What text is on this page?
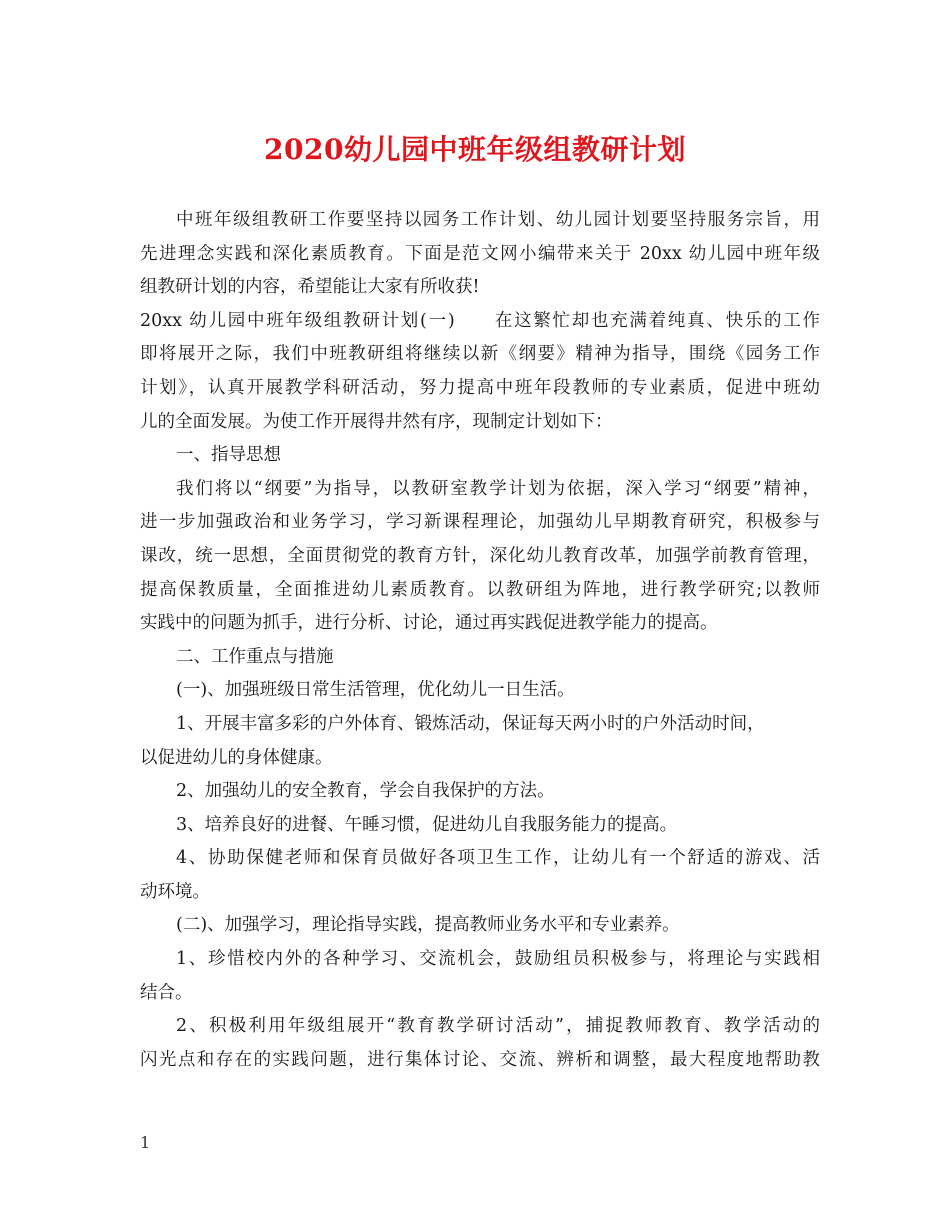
2020幼儿园中班年级组教研计划
中班年级组教研工作要坚持以园务工作计划、幼儿园计划要坚持服务宗旨，用
先进理念实践和深化素质教育。下面是范文网小编带来关于 20xx 幼儿园中班年级
组教研计划的内容，希望能让大家有所收获!
20xx 幼儿园中班年级组教研计划(一)　　在这繁忙却也充满着纯真、快乐的工作
即将展开之际，我们中班教研组将继续以新《纲要》精神为指导，围绕《园务工作
计划》，认真开展教学科研活动，努力提高中班年段教师的专业素质，促进中班幼
儿的全面发展。为使工作开展得井然有序，现制定计划如下：
一、指导思想
我们将以“纲要”为指导，以教研室教学计划为依据，深入学习“纲要”精神，
进一步加强政治和业务学习，学习新课程理论，加强幼儿早期教育研究，积极参与
课改，统一思想，全面贯彻党的教育方针，深化幼儿教育改革，加强学前教育管理，
提高保教质量，全面推进幼儿素质教育。以教研组为阵地，进行教学研究;以教师
实践中的问题为抓手，进行分析、讨论，通过再实践促进教学能力的提高。
二、工作重点与措施
(一)、加强班级日常生活管理，优化幼儿一日生活。
1、开展丰富多彩的户外体育、锻炼活动，保证每天两小时的户外活动时间，
以促进幼儿的身体健康。
2、加强幼儿的安全教育，学会自我保护的方法。
3、培养良好的进餐、午睡习惯，促进幼儿自我服务能力的提高。
4、协助保健老师和保育员做好各项卫生工作，让幼儿有一个舒适的游戏、活
动环境。
(二)、加强学习，理论指导实践，提高教师业务水平和专业素养。
1、珍惜校内外的各种学习、交流机会，鼓励组员积极参与，将理论与实践相
结合。
2、积极利用年级组展开“教育教学研讨活动”，捕捉教师教育、教学活动的
闪光点和存在的实践问题，进行集体讨论、交流、辨析和调整，最大程度地帮助教
1
